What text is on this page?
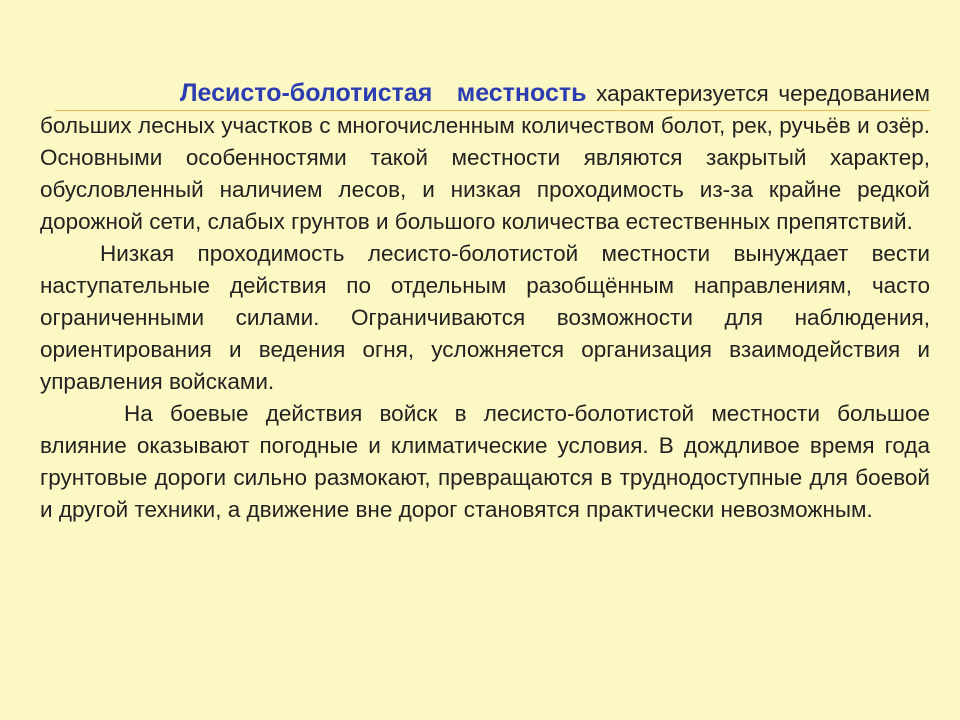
Лесисто-болотистая местность характеризуется чередованием больших лесных участков с многочисленным количеством болот, рек, ручьёв и озёр. Основными особенностями такой местности являются закрытый характер, обусловленный наличием лесов, и низкая проходимость из-за крайне редкой дорожной сети, слабых грунтов и большого количества естественных препятствий.

Низкая проходимость лесисто-болотистой местности вынуждает вести наступательные действия по отдельным разобщённым направлениям, часто ограниченными силами. Ограничиваются возможности для наблюдения, ориентирования и ведения огня, усложняется организация взаимодействия и управления войсками.

На боевые действия войск в лесисто-болотистой местности большое влияние оказывают погодные и климатические условия. В дождливое время года грунтовые дороги сильно размокают, превращаются в труднодоступные для боевой и другой техники, а движение вне дорог становятся практически невозможным.
